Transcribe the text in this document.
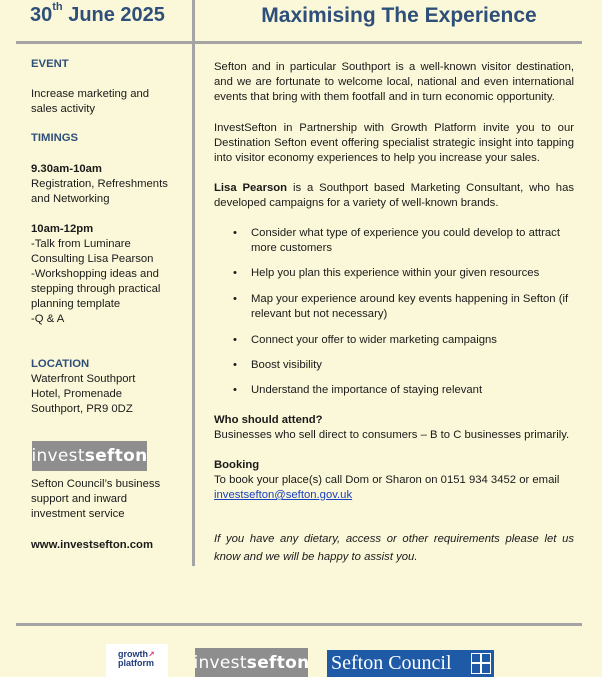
30th June 2025	Maximising The Experience
EVENT
Increase marketing and sales activity
TIMINGS
9.30am-10am
Registration, Refreshments and Networking
10am-12pm
-Talk from Luminare Consulting Lisa Pearson
-Workshopping ideas and stepping through practical planning template
-Q & A
LOCATION
Waterfront Southport Hotel, Promenade Southport, PR9 0DZ
invest sefton
Sefton Council’s business support and inward investment service
www.investsefton.com

Sefton and in particular Southport is a well-known visitor destination, and we are fortunate to welcome local, national and even international events that bring with them footfall and in turn economic opportunity.

InvestSefton in Partnership with Growth Platform invite you to our Destination Sefton event offering specialist strategic insight into tapping into visitor economy experiences to help you increase your sales.

Lisa Pearson is a Southport based Marketing Consultant, who has developed campaigns for a variety of well-known brands.

• Consider what type of experience you could develop to attract more customers
• Help you plan this experience within your given resources
• Map your experience around key events happening in Sefton (if relevant but not necessary)
• Connect your offer to wider marketing campaigns
• Boost visibility
• Understand the importance of staying relevant

Who should attend?

Businesses who sell direct to consumers – B to C businesses primarily.

Booking

To book your place(s) call Dom or Sharon on 0151 934 3452 or email

investsefton@sefton.gov.uk

If you have any dietary, access or other requirements please let us know and we will be happy to assist you.

growth↗
platform	invest sefton Sefton Council
